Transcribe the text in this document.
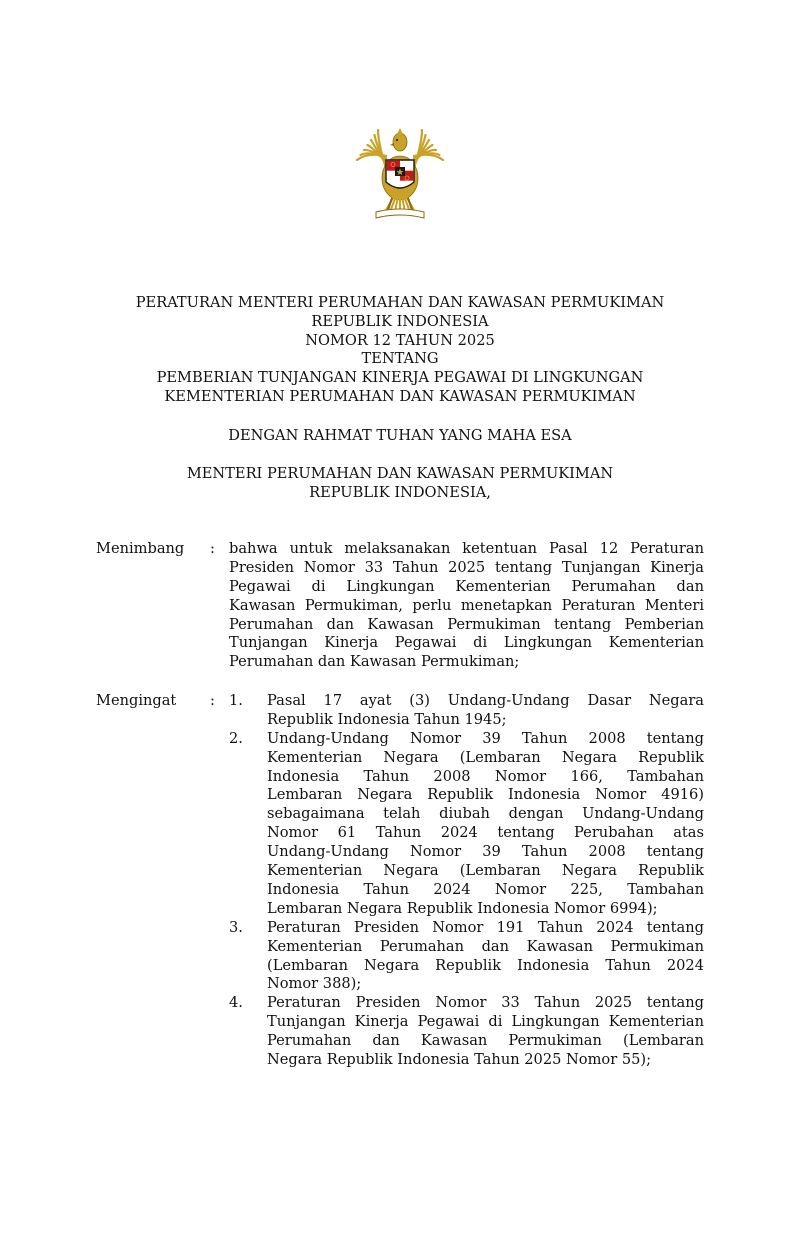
PERATURAN MENTERI PERUMAHAN DAN KAWASAN PERMUKIMAN
REPUBLIK INDONESIA
NOMOR 12 TAHUN 2025
TENTANG
PEMBERIAN TUNJANGAN KINERJA PEGAWAI DI LINGKUNGAN
KEMENTERIAN PERUMAHAN DAN KAWASAN PERMUKIMAN
DENGAN RAHMAT TUHAN YANG MAHA ESA
MENTERI PERUMAHAN DAN KAWASAN PERMUKIMAN
REPUBLIK INDONESIA,
Menimbang : bahwa untuk melaksanakan ketentuan Pasal 12 Peraturan
Presiden Nomor 33 Tahun 2025 tentang Tunjangan Kinerja
Pegawai di Lingkungan Kementerian Perumahan dan
Kawasan Permukiman, perlu menetapkan Peraturan Menteri
Perumahan dan Kawasan Permukiman tentang Pemberian
Tunjangan Kinerja Pegawai di Lingkungan Kementerian
Perumahan dan Kawasan Permukiman;
Mengingat : 1. Pasal 17 ayat (3) Undang-Undang Dasar Negara
Republik Indonesia Tahun 1945;
2. Undang-Undang Nomor 39 Tahun 2008 tentang
Kementerian Negara (Lembaran Negara Republik
Indonesia Tahun 2008 Nomor 166, Tambahan
Lembaran Negara Republik Indonesia Nomor 4916)
sebagaimana telah diubah dengan Undang-Undang
Nomor 61 Tahun 2024 tentang Perubahan atas
Undang-Undang Nomor 39 Tahun 2008 tentang
Kementerian Negara (Lembaran Negara Republik
Indonesia Tahun 2024 Nomor 225, Tambahan
Lembaran Negara Republik Indonesia Nomor 6994);
3. Peraturan Presiden Nomor 191 Tahun 2024 tentang
Kementerian Perumahan dan Kawasan Permukiman
(Lembaran Negara Republik Indonesia Tahun 2024
Nomor 388);
4. Peraturan Presiden Nomor 33 Tahun 2025 tentang
Tunjangan Kinerja Pegawai di Lingkungan Kementerian
Perumahan dan Kawasan Permukiman (Lembaran
Negara Republik Indonesia Tahun 2025 Nomor 55);
